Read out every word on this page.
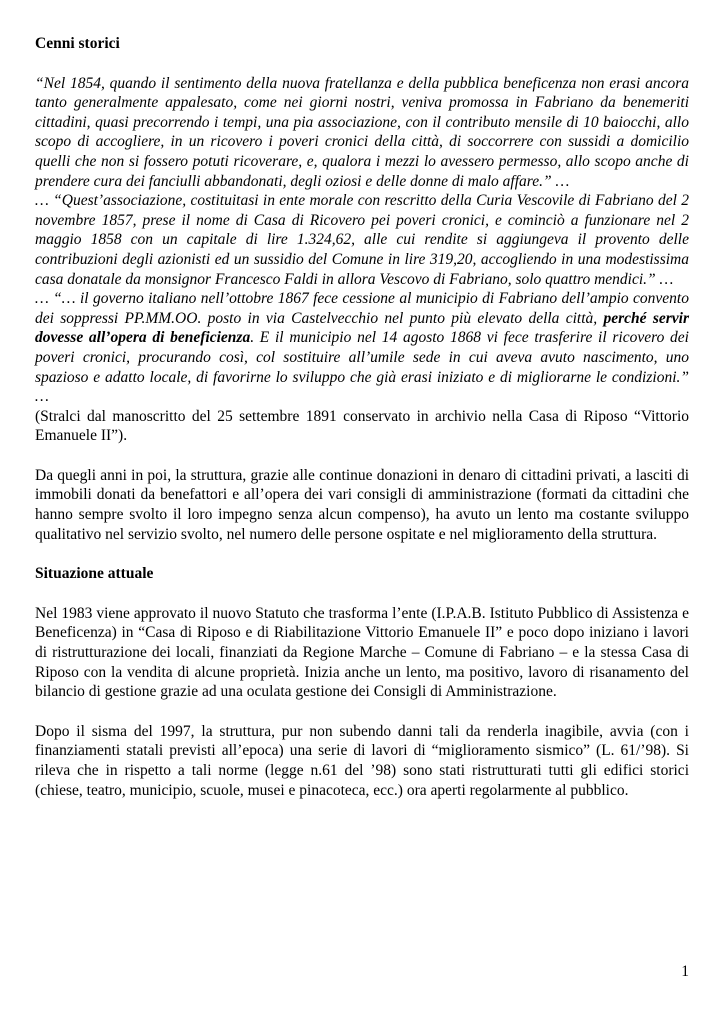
Cenni storici

“Nel 1854, quando il sentimento della nuova fratellanza e della pubblica beneficenza non erasi ancora tanto generalmente appalesato, come nei giorni nostri, veniva promossa in Fabriano da benemeriti cittadini, quasi precorrendo i tempi, una pia associazione, con il contributo mensile di 10 baiocchi, allo scopo di accogliere, in un ricovero i poveri cronici della città, di soccorrere con sussidi a domicilio quelli che non si fossero potuti ricoverare, e, qualora i mezzi lo avessero permesso, allo scopo anche di prendere cura dei fanciulli abbandonati, degli oziosi e delle donne di malo affare.” …

… “Quest’associazione, costituitasi in ente morale con rescritto della Curia Vescovile di Fabriano del 2 novembre 1857, prese il nome di Casa di Ricovero pei poveri cronici, e cominciò a funzionare nel 2 maggio 1858 con un capitale di lire 1.324,62, alle cui rendite si aggiungeva il provento delle contribuzioni degli azionisti ed un sussidio del Comune in lire 319,20, accogliendo in una modestissima casa donatale da monsignor Francesco Faldi in allora Vescovo di Fabriano, solo quattro mendici.” …

… “… il governo italiano nell’ottobre 1867 fece cessione al municipio di Fabriano dell’ampio convento dei soppressi PP.MM.OO. posto in via Castelvecchio nel punto più elevato della città, perché servir dovesse all’opera di beneficienza. E il municipio nel 14 agosto 1868 vi fece trasferire il ricovero dei poveri cronici, procurando così, col sostituire all’umile sede in cui aveva avuto nascimento, uno spazioso e adatto locale, di favorirne lo sviluppo che già erasi iniziato e di migliorarne le condizioni.” …

(Stralci dal manoscritto del 25 settembre 1891 conservato in archivio nella Casa di Riposo “Vittorio Emanuele II”).

Da quegli anni in poi, la struttura, grazie alle continue donazioni in denaro di cittadini privati, a lasciti di immobili donati da benefattori e all’opera dei vari consigli di amministrazione (formati da cittadini che hanno sempre svolto il loro impegno senza alcun compenso), ha avuto un lento ma costante sviluppo qualitativo nel servizio svolto, nel numero delle persone ospitate e nel miglioramento della struttura.

Situazione attuale

Nel 1983 viene approvato il nuovo Statuto che trasforma l’ente (I.P.A.B. Istituto Pubblico di Assistenza e Beneficenza) in “Casa di Riposo e di Riabilitazione Vittorio Emanuele II” e poco dopo iniziano i lavori di ristrutturazione dei locali, finanziati da Regione Marche – Comune di Fabriano – e la stessa Casa di Riposo con la vendita di alcune proprietà. Inizia anche un lento, ma positivo, lavoro di risanamento del bilancio di gestione grazie ad una oculata gestione dei Consigli di Amministrazione.

Dopo il sisma del 1997, la struttura, pur non subendo danni tali da renderla inagibile, avvia (con i finanziamenti statali previsti all’epoca) una serie di lavori di “miglioramento sismico” (L. 61/’98). Si rileva che in rispetto a tali norme (legge n.61 del ’98) sono stati ristrutturati tutti gli edifici storici (chiese, teatro, municipio, scuole, musei e pinacoteca, ecc.) ora aperti regolarmente al pubblico.

1
